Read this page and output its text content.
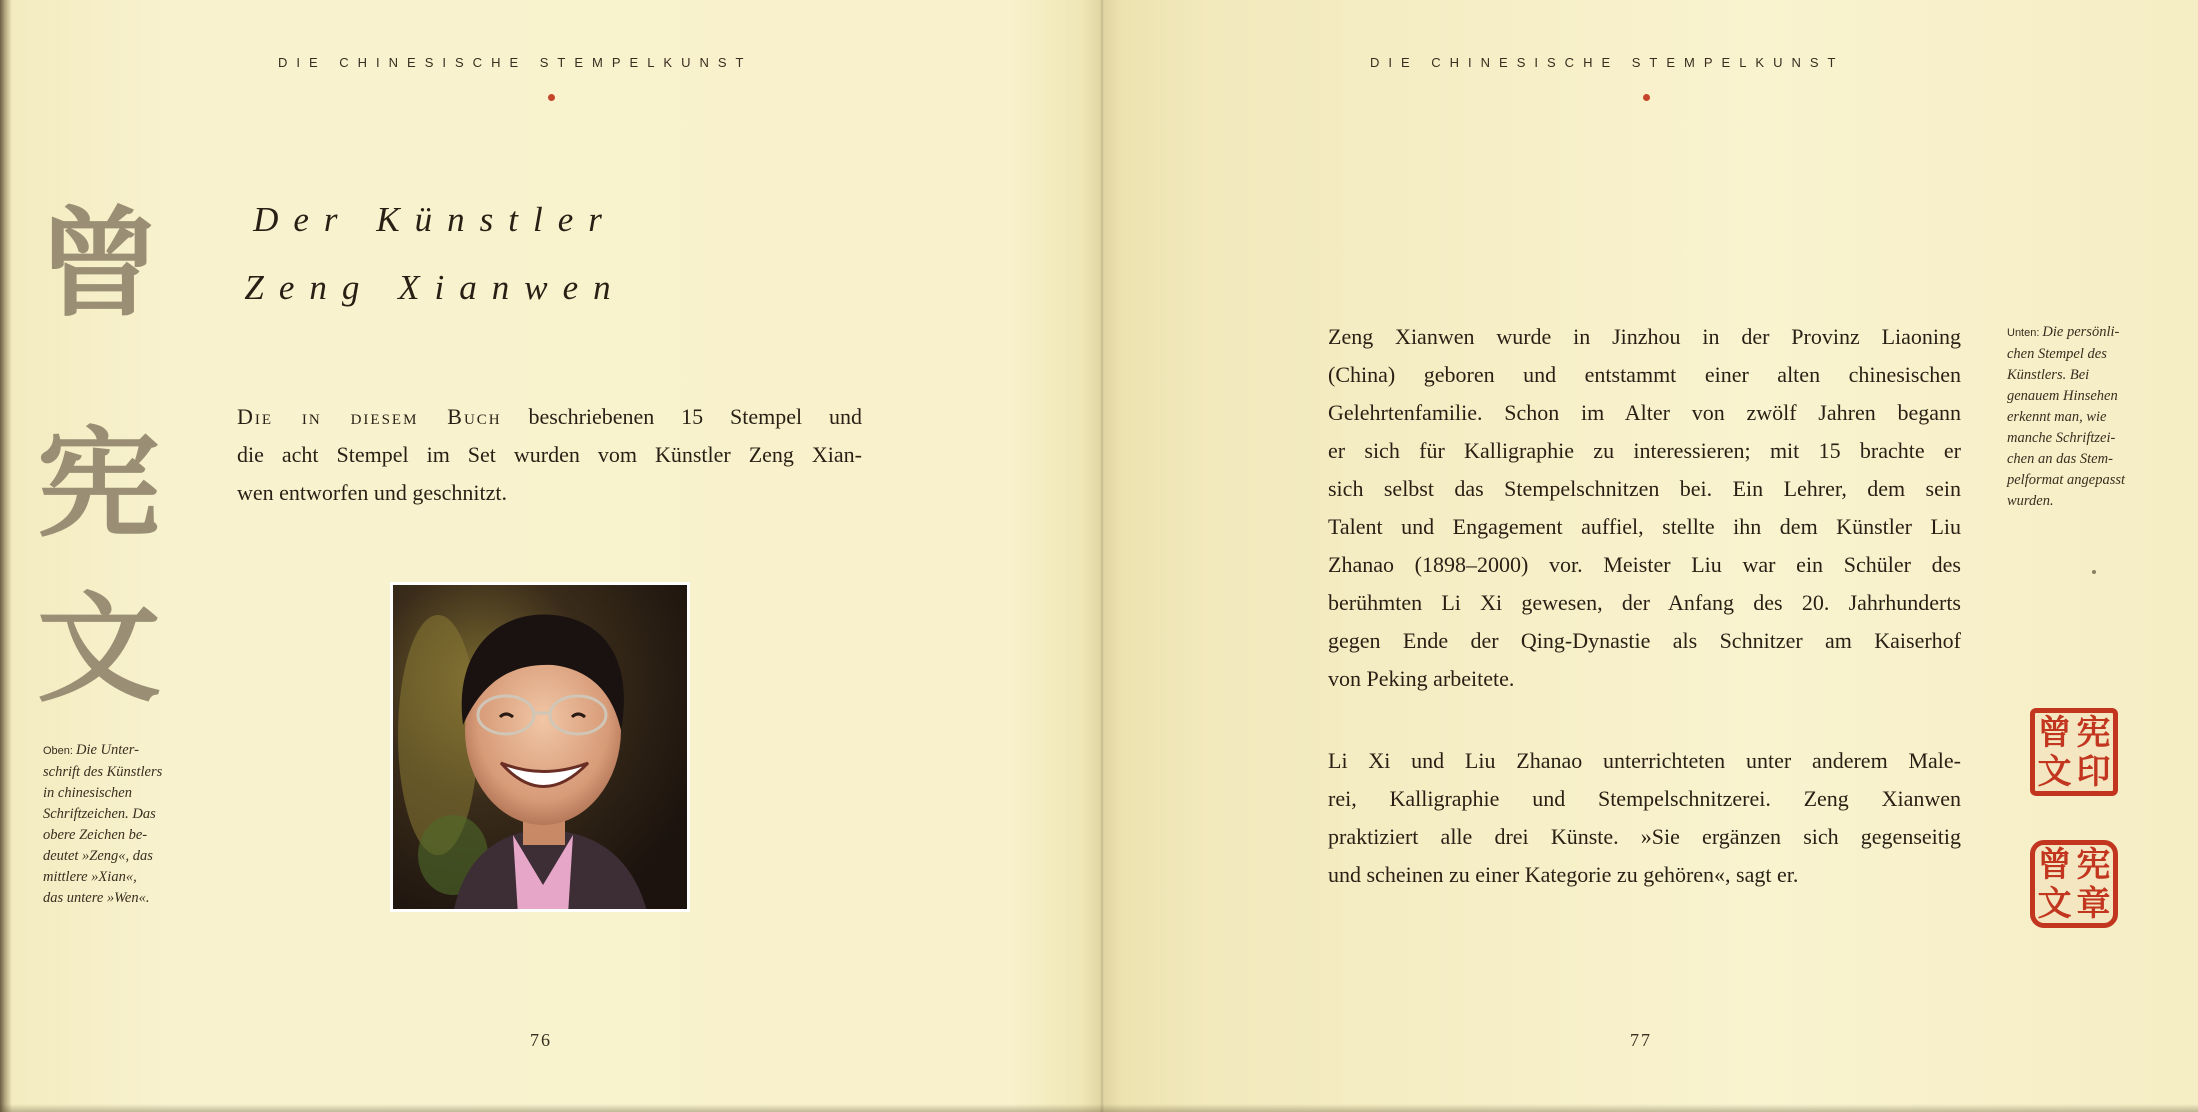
DIE CHINESISCHE STEMPELKUNST
曾
宪
文
Oben: Die Unter-
schrift des Künstlers
in chinesischen
Schriftzeichen. Das
obere Zeichen be-
deutet »Zeng«, das
mittlere »Xian«,
das untere »Wen«.
Der Künstler
Zeng Xianwen
Die in diesem Buch beschriebenen 15 Stempel und
die acht Stempel im Set wurden vom Künstler Zeng Xian-
wen entworfen und geschnitzt.
76
DIE CHINESISCHE STEMPELKUNST
Zeng Xianwen wurde in Jinzhou in der Provinz Liaoning
(China) geboren und entstammt einer alten chinesischen
Gelehrtenfamilie. Schon im Alter von zwölf Jahren begann
er sich für Kalligraphie zu interessieren; mit 15 brachte er
sich selbst das Stempelschnitzen bei. Ein Lehrer, dem sein
Talent und Engagement auffiel, stellte ihn dem Künstler Liu
Zhanao (1898–2000) vor. Meister Liu war ein Schüler des
berühmten Li Xi gewesen, der Anfang des 20. Jahrhunderts
gegen Ende der Qing-Dynastie als Schnitzer am Kaiserhof
von Peking arbeitete.
Li Xi und Liu Zhanao unterrichteten unter anderem Male-
rei, Kalligraphie und Stempelschnitzerei. Zeng Xianwen
praktiziert alle drei Künste. »Sie ergänzen sich gegenseitig
und scheinen zu einer Kategorie zu gehören«, sagt er.
Unten: Die persönli-
chen Stempel des
Künstlers. Bei
genauem Hinsehen
erkennt man, wie
manche Schriftzei-
chen an das Stem-
pelformat angepasst
wurden.
曾 宪
文 印
曾 宪
文 章
77
